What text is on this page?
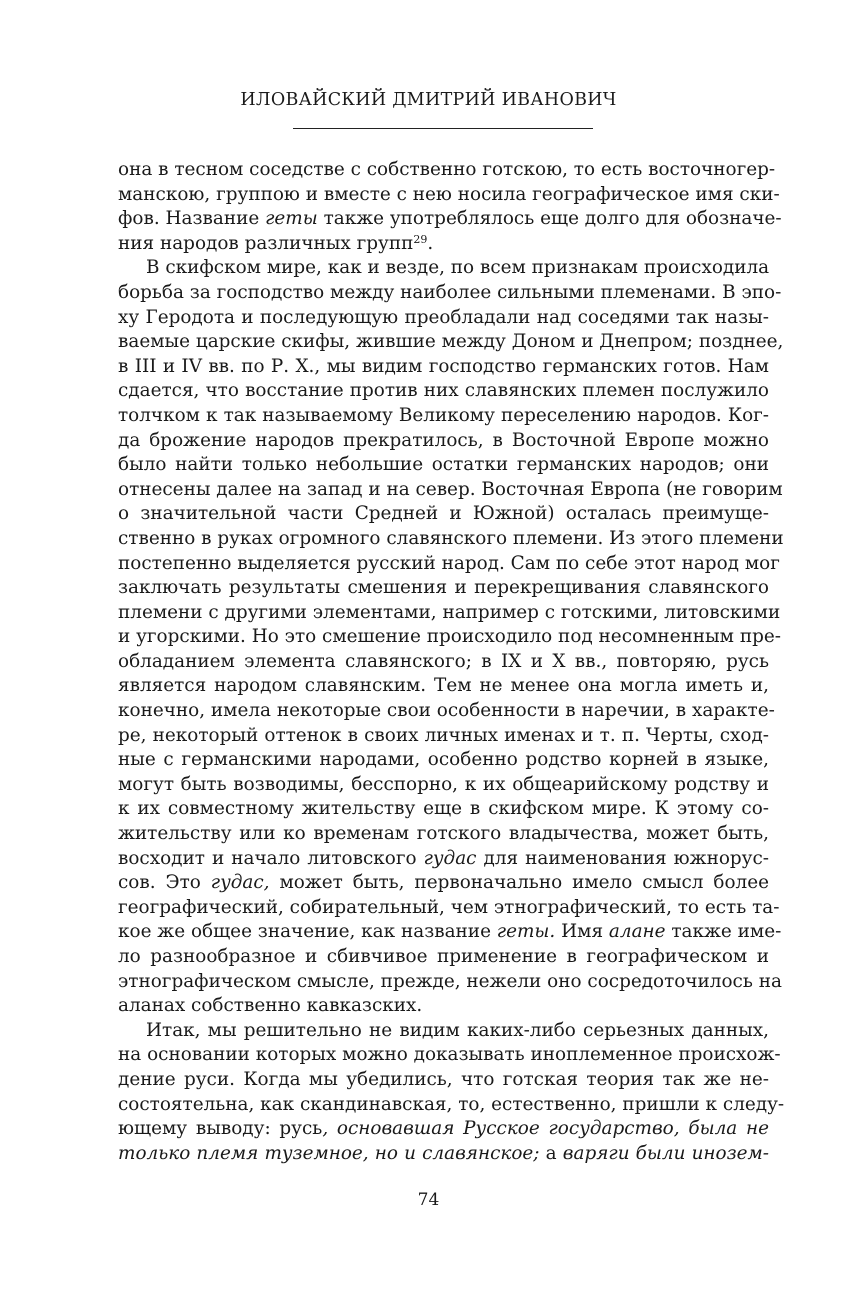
ИЛОВАЙСКИЙ ДМИТРИЙ ИВАНОВИЧ
она в тесном соседстве с собственно готскою, то есть восточногер-
манскою, группою и вместе с нею носила географическое имя ски-
фов. Название геты также употреблялось еще долго для обозначе-
ния народов различных групп$^{29}$.
В скифском мире, как и везде, по всем признакам происходила
борьба за господство между наиболее сильными племенами. В эпо-
ху Геродота и последующую преобладали над соседями так назы-
ваемые царские скифы, жившие между Доном и Днепром; позднее,
в III и IV вв. по Р. Х., мы видим господство германских готов. Нам
сдается, что восстание против них славянских племен послужило
толчком к так называемому Великому переселению народов. Ког-
да брожение народов прекратилось, в Восточной Европе можно
было найти только небольшие остатки германских народов; они
отнесены далее на запад и на север. Восточная Европа (не говорим
о значительной части Средней и Южной) осталась преимуще-
ственно в руках огромного славянского племени. Из этого племени
постепенно выделяется русский народ. Сам по себе этот народ мог
заключать результаты смешения и перекрещивания славянского
племени с другими элементами, например с готскими, литовскими
и угорскими. Но это смешение происходило под несомненным пре-
обладанием элемента славянского; в IX и X вв., повторяю, русь
является народом славянским. Тем не менее она могла иметь и,
конечно, имела некоторые свои особенности в наречии, в характе-
ре, некоторый оттенок в своих личных именах и т. п. Черты, сход-
ные с германскими народами, особенно родство корней в языке,
могут быть возводимы, бесспорно, к их общеарийскому родству и
к их совместному жительству еще в скифском мире. К этому со-
жительству или ко временам готского владычества, может быть,
восходит и начало литовского гудас для наименования южнорус-
сов. Это гудас, может быть, первоначально имело смысл более
географический, собирательный, чем этнографический, то есть та-
кое же общее значение, как название геты. Имя алане также име-
ло разнообразное и сбивчивое применение в географическом и
этнографическом смысле, прежде, нежели оно сосредоточилось на
аланах собственно кавказских.
Итак, мы решительно не видим каких-либо серьезных данных,
на основании которых можно доказывать иноплеменное происхож-
дение руси. Когда мы убедились, что готская теория так же не-
состоятельна, как скандинавская, то, естественно, пришли к следу-
ющему выводу: русь, основавшая Русское государство, была не
только племя туземное, но и славянское; а варяги были инозем-
74
